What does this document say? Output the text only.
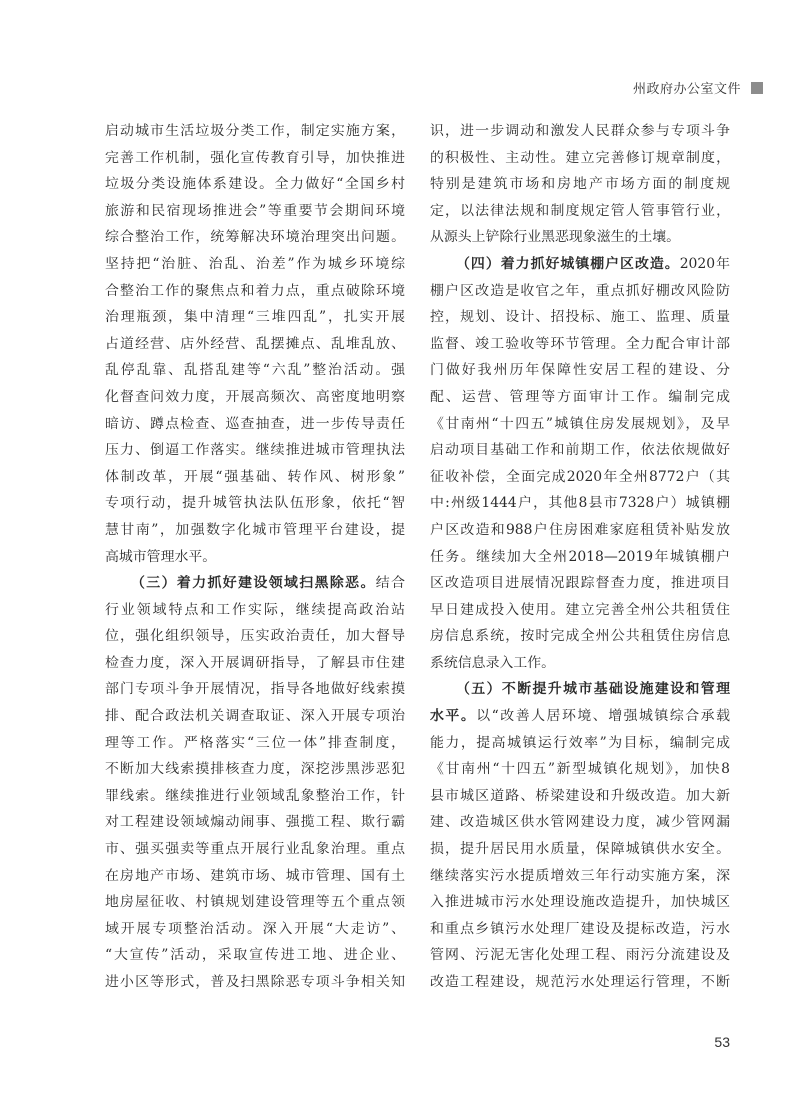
州政府办公室文件
启动城市生活垃圾分类工作，制定实施方案，
完善工作机制，强化宣传教育引导，加快推进
垃圾分类设施体系建设。全力做好“全国乡村
旅游和民宿现场推进会”等重要节会期间环境
综合整治工作，统筹解决环境治理突出问题。
坚持把“治脏、治乱、治差”作为城乡环境综
合整治工作的聚焦点和着力点，重点破除环境
治理瓶颈，集中清理“三堆四乱”，扎实开展
占道经营、店外经营、乱摆摊点、乱堆乱放、
乱停乱靠、乱搭乱建等“六乱”整治活动。强
化督查问效力度，开展高频次、高密度地明察
暗访、蹲点检查、巡查抽查，进一步传导责任
压力、倒逼工作落实。继续推进城市管理执法
体制改革，开展“强基础、转作风、树形象”
专项行动，提升城管执法队伍形象，依托“智
慧甘南”，加强数字化城市管理平台建设，提
高城市管理水平。
（三）着力抓好建设领域扫黑除恶。结合
行业领域特点和工作实际，继续提高政治站
位，强化组织领导，压实政治责任，加大督导
检查力度，深入开展调研指导，了解县市住建
部门专项斗争开展情况，指导各地做好线索摸
排、配合政法机关调查取证、深入开展专项治
理等工作。严格落实“三位一体”排查制度，
不断加大线索摸排核查力度，深挖涉黑涉恶犯
罪线索。继续推进行业领域乱象整治工作，针
对工程建设领域煽动闹事、强揽工程、欺行霸
市、强买强卖等重点开展行业乱象治理。重点
在房地产市场、建筑市场、城市管理、国有土
地房屋征收、村镇规划建设管理等五个重点领
域开展专项整治活动。深入开展“大走访”、
“大宣传”活动，采取宣传进工地、进企业、
进小区等形式，普及扫黑除恶专项斗争相关知
识，进一步调动和激发人民群众参与专项斗争
的积极性、主动性。建立完善修订规章制度，
特别是建筑市场和房地产市场方面的制度规
定，以法律法规和制度规定管人管事管行业，
从源头上铲除行业黑恶现象滋生的土壤。
（四）着力抓好城镇棚户区改造。2020年
棚户区改造是收官之年，重点抓好棚改风险防
控，规划、设计、招投标、施工、监理、质量
监督、竣工验收等环节管理。全力配合审计部
门做好我州历年保障性安居工程的建设、分
配、运营、管理等方面审计工作。编制完成
《甘南州“十四五”城镇住房发展规划》，及早
启动项目基础工作和前期工作，依法依规做好
征收补偿，全面完成2020年全州8772户（其
中:州级1444户，其他8县市7328户）城镇棚
户区改造和988户住房困难家庭租赁补贴发放
任务。继续加大全州2018—2019年城镇棚户
区改造项目进展情况跟踪督查力度，推进项目
早日建成投入使用。建立完善全州公共租赁住
房信息系统，按时完成全州公共租赁住房信息
系统信息录入工作。
（五）不断提升城市基础设施建设和管理
水平。以“改善人居环境、增强城镇综合承载
能力，提高城镇运行效率”为目标，编制完成
《甘南州“十四五”新型城镇化规划》，加快8
县市城区道路、桥梁建设和升级改造。加大新
建、改造城区供水管网建设力度，减少管网漏
损，提升居民用水质量，保障城镇供水安全。
继续落实污水提质增效三年行动实施方案，深
入推进城市污水处理设施改造提升，加快城区
和重点乡镇污水处理厂建设及提标改造，污水
管网、污泥无害化处理工程、雨污分流建设及
改造工程建设，规范污水处理运行管理，不断
53
